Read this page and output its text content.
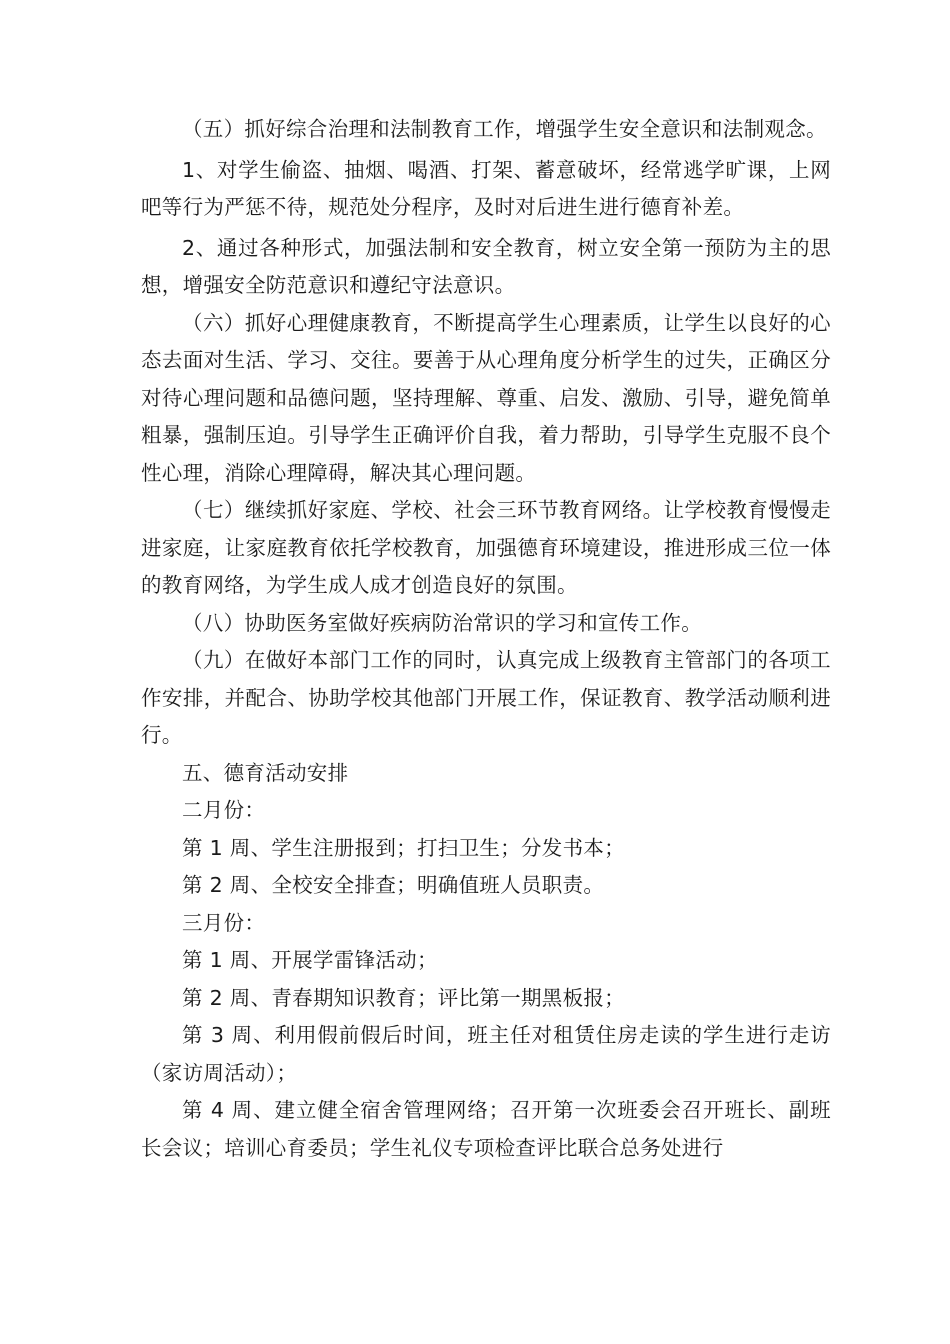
（五）抓好综合治理和法制教育工作，增强学生安全意识和法制观念。

1、对学生偷盗、抽烟、喝酒、打架、蓄意破坏，经常逃学旷课，上网吧等行为严惩不待，规范处分程序，及时对后进生进行德育补差。

2、通过各种形式，加强法制和安全教育，树立安全第一预防为主的思想，增强安全防范意识和遵纪守法意识。

（六）抓好心理健康教育，不断提高学生心理素质，让学生以良好的心态去面对生活、学习、交往。要善于从心理角度分析学生的过失，正确区分对待心理问题和品德问题，坚持理解、尊重、启发、激励、引导，避免简单粗暴，强制压迫。引导学生正确评价自我，着力帮助，引导学生克服不良个性心理，消除心理障碍，解决其心理问题。

（七）继续抓好家庭、学校、社会三环节教育网络。让学校教育慢慢走进家庭，让家庭教育依托学校教育，加强德育环境建设，推进形成三位一体的教育网络，为学生成人成才创造良好的氛围。

（八）协助医务室做好疾病防治常识的学习和宣传工作。

（九）在做好本部门工作的同时，认真完成上级教育主管部门的各项工作安排，并配合、协助学校其他部门开展工作，保证教育、教学活动顺利进行。

五、德育活动安排

二月份：

第 1 周、学生注册报到；打扫卫生；分发书本；

第 2 周、全校安全排查；明确值班人员职责。

三月份：

第 1 周、开展学雷锋活动；

第 2 周、青春期知识教育；评比第一期黑板报；

第 3 周、利用假前假后时间，班主任对租赁住房走读的学生进行走访（家访周活动）；

第 4 周、建立健全宿舍管理网络；召开第一次班委会召开班长、副班长会议；培训心育委员；学生礼仪专项检查评比联合总务处进行
